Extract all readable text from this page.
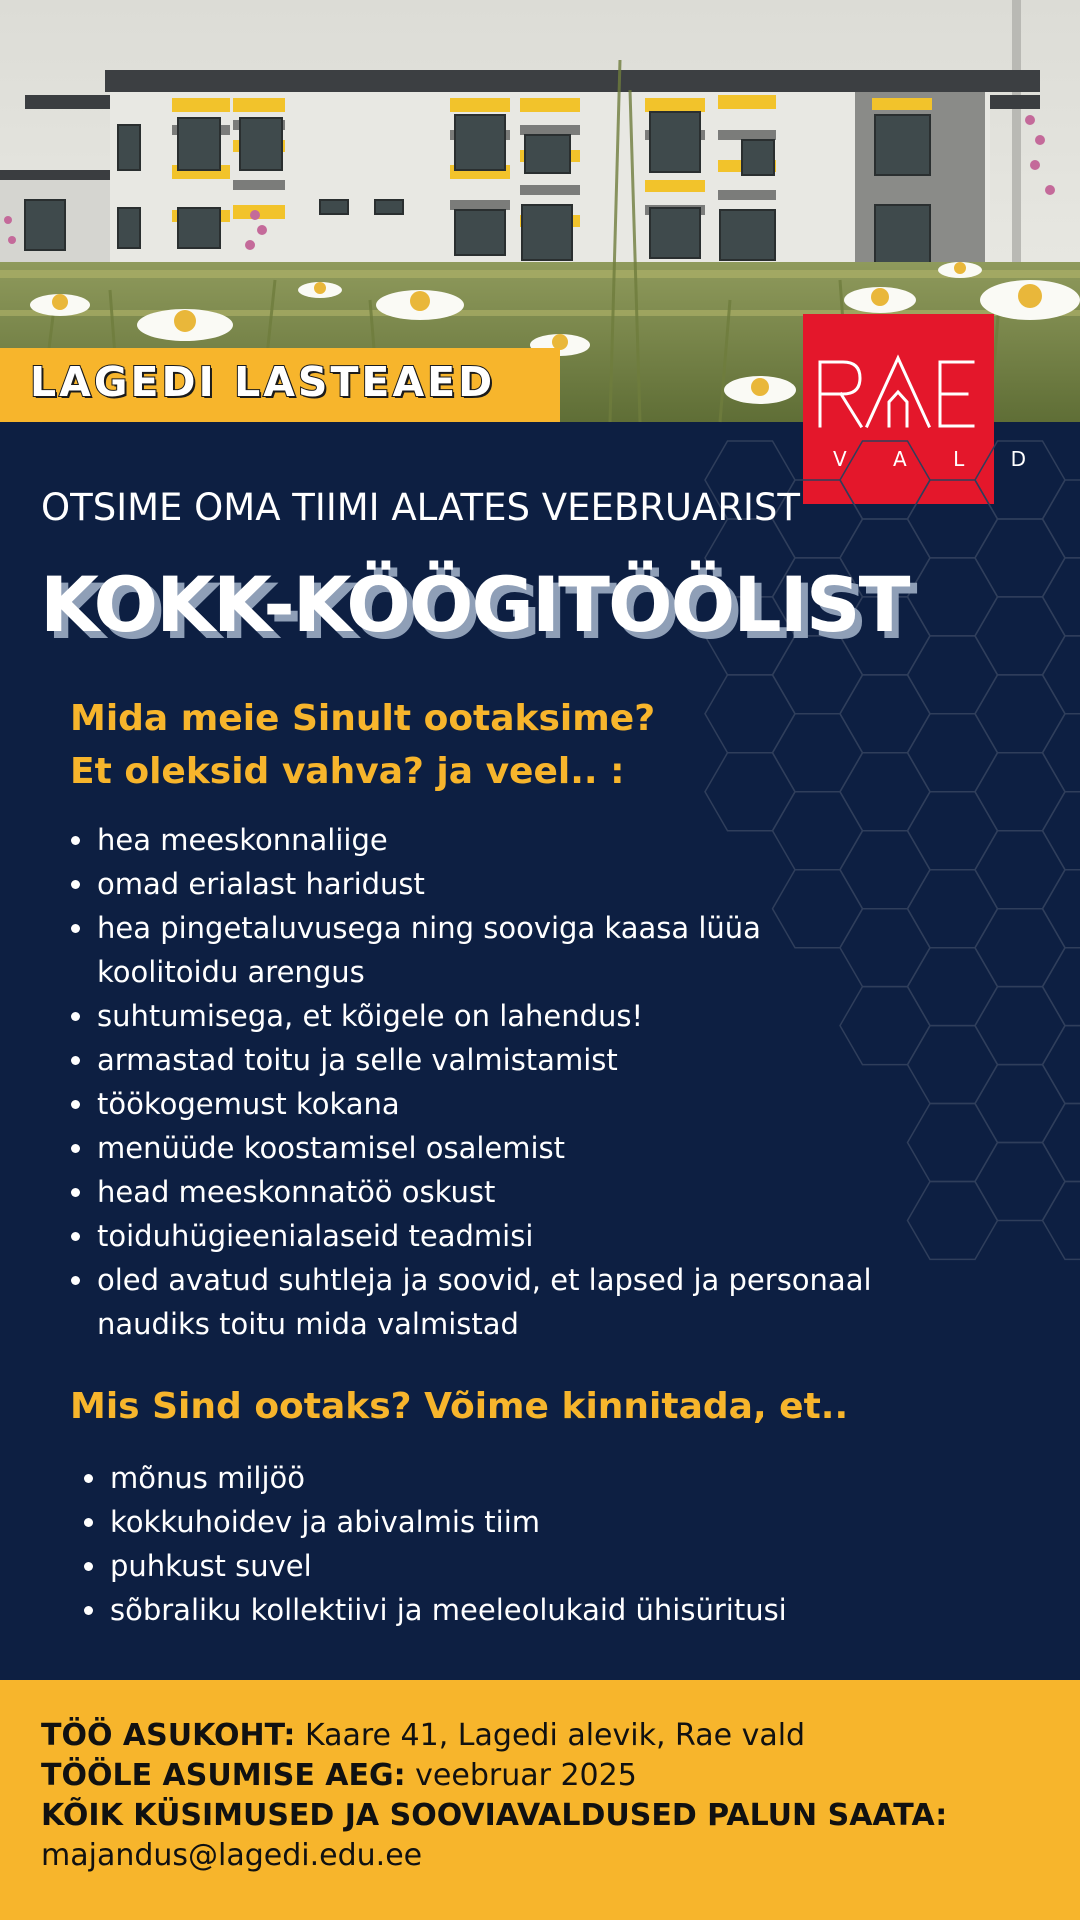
LAGEDI LASTEAED
V A L D
OTSIME OMA TIIMI ALATES VEEBRUARIST
KOKK-KÖÖGITÖÖLIST
Mida meie Sinult ootaksime?
Et oleksid vahva? ja veel.. :
hea meeskonnaliige
omad erialast haridust
hea pingetaluvusega ning sooviga kaasa lüüa
koolitoidu arengus
suhtumisega, et kõigele on lahendus!
armastad toitu ja selle valmistamist
töökogemust kokana
menüüde koostamisel osalemist
head meeskonnatöö oskust
toiduhügieenialaseid teadmisi
oled avatud suhtleja ja soovid, et lapsed ja personaal
naudiks toitu mida valmistad
Mis Sind ootaks? Võime kinnitada, et..
mõnus miljöö
kokkuhoidev ja abivalmis tiim
puhkust suvel
sõbraliku kollektiivi ja meeleolukaid ühisüritusi
TÖÖ ASUKOHT: Kaare 41, Lagedi alevik, Rae vald
TÖÖLE ASUMISE AEG: veebruar 2025
KÕIK KÜSIMUSED JA SOOVIAVALDUSED PALUN SAATA:
majandus@lagedi.edu.ee
